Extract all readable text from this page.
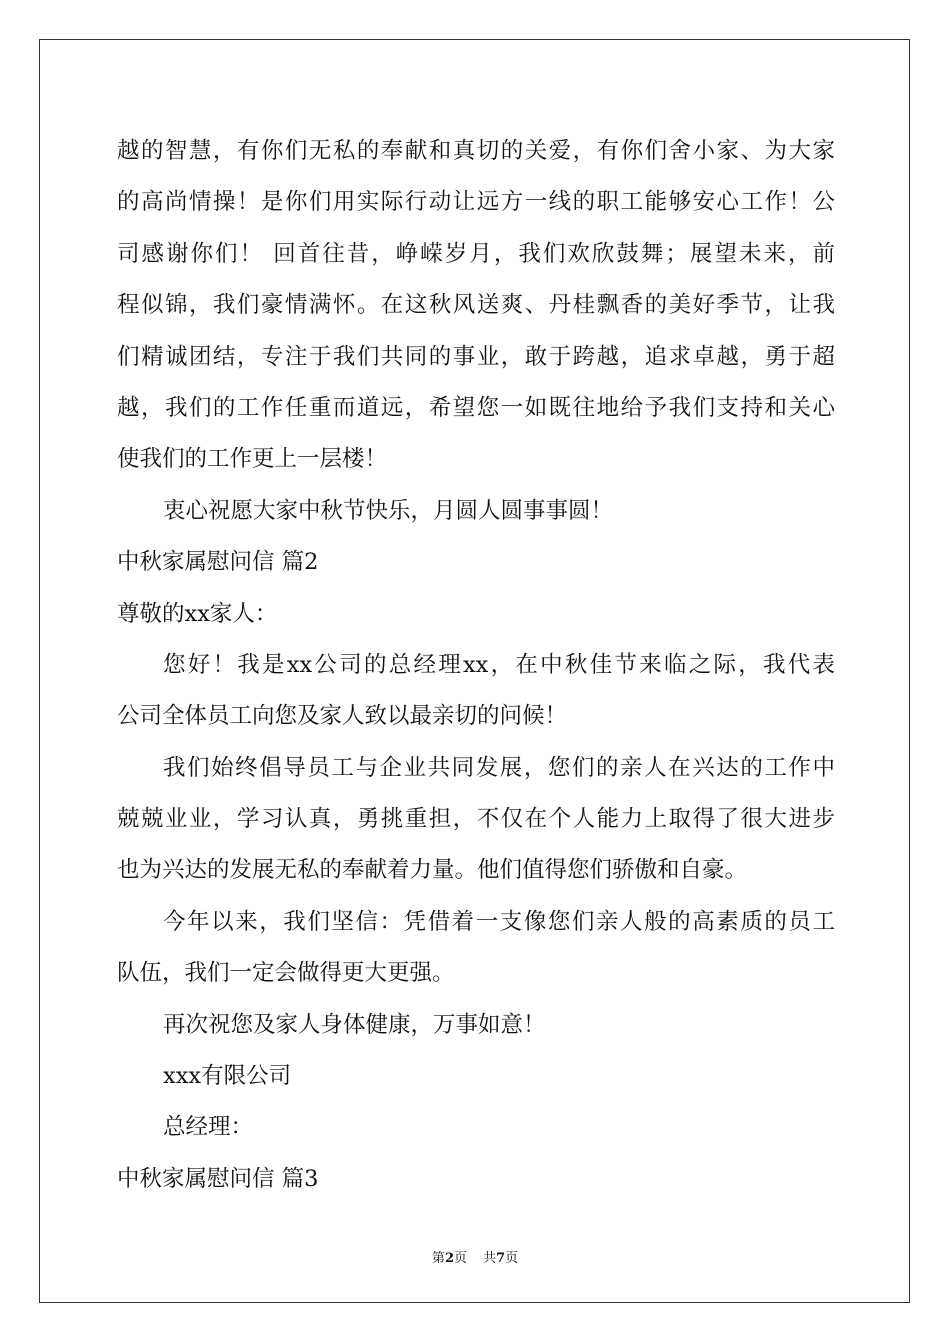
越的智慧，有你们无私的奉献和真切的关爱，有你们舍小家、为大家
的高尚情操！是你们用实际行动让远方一线的职工能够安心工作！公
司感谢你们！ 回首往昔，峥嵘岁月，我们欢欣鼓舞；展望未来，前
程似锦，我们豪情满怀。在这秋风送爽、丹桂飘香的美好季节，让我
们精诚团结，专注于我们共同的事业，敢于跨越，追求卓越，勇于超
越，我们的工作任重而道远，希望您一如既往地给予我们支持和关心
使我们的工作更上一层楼！
衷心祝愿大家中秋节快乐，月圆人圆事事圆！
中秋家属慰问信 篇2
尊敬的xx家人：
您好！我是xx公司的总经理xx，在中秋佳节来临之际，我代表
公司全体员工向您及家人致以最亲切的问候！
我们始终倡导员工与企业共同发展，您们的亲人在兴达的工作中
兢兢业业，学习认真，勇挑重担，不仅在个人能力上取得了很大进步
也为兴达的发展无私的奉献着力量。他们值得您们骄傲和自豪。
今年以来，我们坚信：凭借着一支像您们亲人般的高素质的员工
队伍，我们一定会做得更大更强。
再次祝您及家人身体健康，万事如意！
xxx有限公司
总经理：
中秋家属慰问信 篇3
第2页 共7页
